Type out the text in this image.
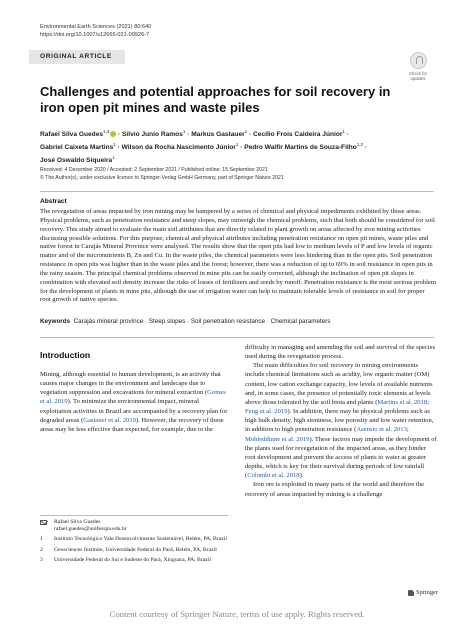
Environmental Earth Sciences (2021) 80:640
https://doi.org/10.1007/s12665-021-09926-7
ORIGINAL ARTICLE
Check for updates
Challenges and potential approaches for soil recovery in iron open pit mines and waste piles
Rafael Silva Guedes$^{1,3}$ · Sílvio Junio Ramos$^1$ · Markus Gastauer$^1$ · Cecílio Frois Caldeira Júnior$^1$ ·
Gabriel Caixeta Martins$^1$ · Wilson da Rocha Nascimento Júnior$^1$ · Pedro Walfir Martins de Souza-Filho$^{1,2}$ ·
José Oswaldo Siqueira$^1$
Received: 4 December 2020 / Accepted: 2 September 2021 / Published online: 15 September 2021
© The Author(s), under exclusive licence to Springer-Verlag GmbH Germany, part of Springer Nature 2021
Abstract
The revegetation of areas impacted by iron mining may be hampered by a series of chemical and physical impediments exhibited by those areas. Physical problems, such as penetration resistance and steep slopes, may outweigh the chemical problems, such that both should be considered for soil recovery. This study aimed to evaluate the main soil attributes that are directly related to plant growth on areas affected by iron mining activities discussing possible solutions. For this purpose, chemical and physical attributes including penetration resistance on open pit mines, waste piles and native forest in Carajás Mineral Province were analysed. The results show that the open pits had low to medium levels of P and low levels of organic matter and of the micronutrients B, Zn and Cu. In the waste piles, the chemical parameters were less hindering than in the open pits. Soil penetration resistance in open pits was higher than in the waste piles and the forest; however, there was a reduction of up to 69% in soil resistance in open pits in the rainy season. The principal chemical problems observed in mine pits can be easily corrected, although the inclination of open pit slopes in combination with elevated soil density increase the risks of losses of fertilizers and seeds by runoff. Penetration resistance is the most serious problem for the development of plants in mine pits, although the use of irrigation water can help to maintain tolerable levels of resistance in soil for proper root growth of native species.
Keywords Carajás mineral province · Steep slopes · Soil penetration resistance · Chemical parameters
Introduction

Mining, although essential to human development, is an activity that causes major changes in the environment and landscape due to vegetation suppression and excavations for mineral extraction (Gomes et al. 2019). To minimize the environmental impact, mineral exploitation activities in Brazil are accompanied by a recovery plan for degraded areas (Gastauer et al. 2019). However, the recovery of these areas may be less effective than expected, for example, due to the

difficulty in managing and amending the soil and survival of the species used during the revegetation process.

The main difficulties for soil recovery in mining environments include chemical limitations such as acidity, low organic matter (OM) content, low cation exchange capacity, low levels of available nutrients and, in some cases, the presence of potentially toxic elements at levels above those tolerated by the soil biota and plants (Martins et al. 2018; Feng et al. 2019). In addition, there may be physical problems such as high bulk density, high stoniness, low porosity and low water retention, in addition to high penetration resistance (Asensio et al. 2013; Mohieddinne et al. 2019). These factors may impede the development of the plants used for revegetation of the impacted areas, as they hinder root development and prevent the access of plants to water at greater depths, which is key for their survival during periods of low rainfall (Colombi et al. 2018).

Iron ore is exploited in many parts of the world and therefore the recovery of areas impacted by mining is a challenge

Rafael Silva Guedes
rafael.guedes@unifesspa.edu.br
1 Instituto Tecnológico Vale Desenvolvimento Sustentável, Belém, PA, Brazil
2 Geosciences Institute, Universidade Federal do Pará, Belém, PA, Brazil
3 Universidade Federal do Sul e Sudeste do Pará, Xinguara, PA, Brazil
Springer
Content courtesy of Springer Nature, terms of use apply. Rights reserved.
